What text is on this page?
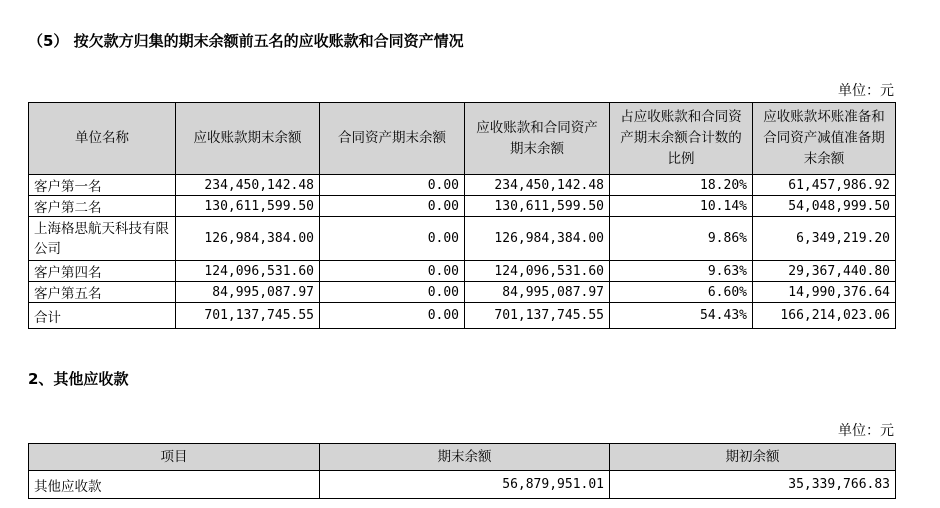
（5） 按欠款方归集的期末余额前五名的应收账款和合同资产情况
单位：元
单位名称	应收账款期末余额	合同资产期末余额	应收账款和合同资产期末余额	占应收账款和合同资产期末余额合计数的比例	应收账款坏账准备和合同资产减值准备期末余额
客户第一名	234,450,142.48	0.00	234,450,142.48	18.20%	61,457,986.92
客户第二名	130,611,599.50	0.00	130,611,599.50	10.14%	54,048,999.50
上海格思航天科技有限公司	126,984,384.00	0.00	126,984,384.00	9.86%	6,349,219.20
客户第四名	124,096,531.60	0.00	124,096,531.60	9.63%	29,367,440.80
客户第五名	84,995,087.97	0.00	84,995,087.97	6.60%	14,990,376.64
合计	701,137,745.55	0.00	701,137,745.55	54.43%	166,214,023.06
2、其他应收款
单位：元
项目	期末余额	期初余额
其他应收款	56,879,951.01	35,339,766.83
